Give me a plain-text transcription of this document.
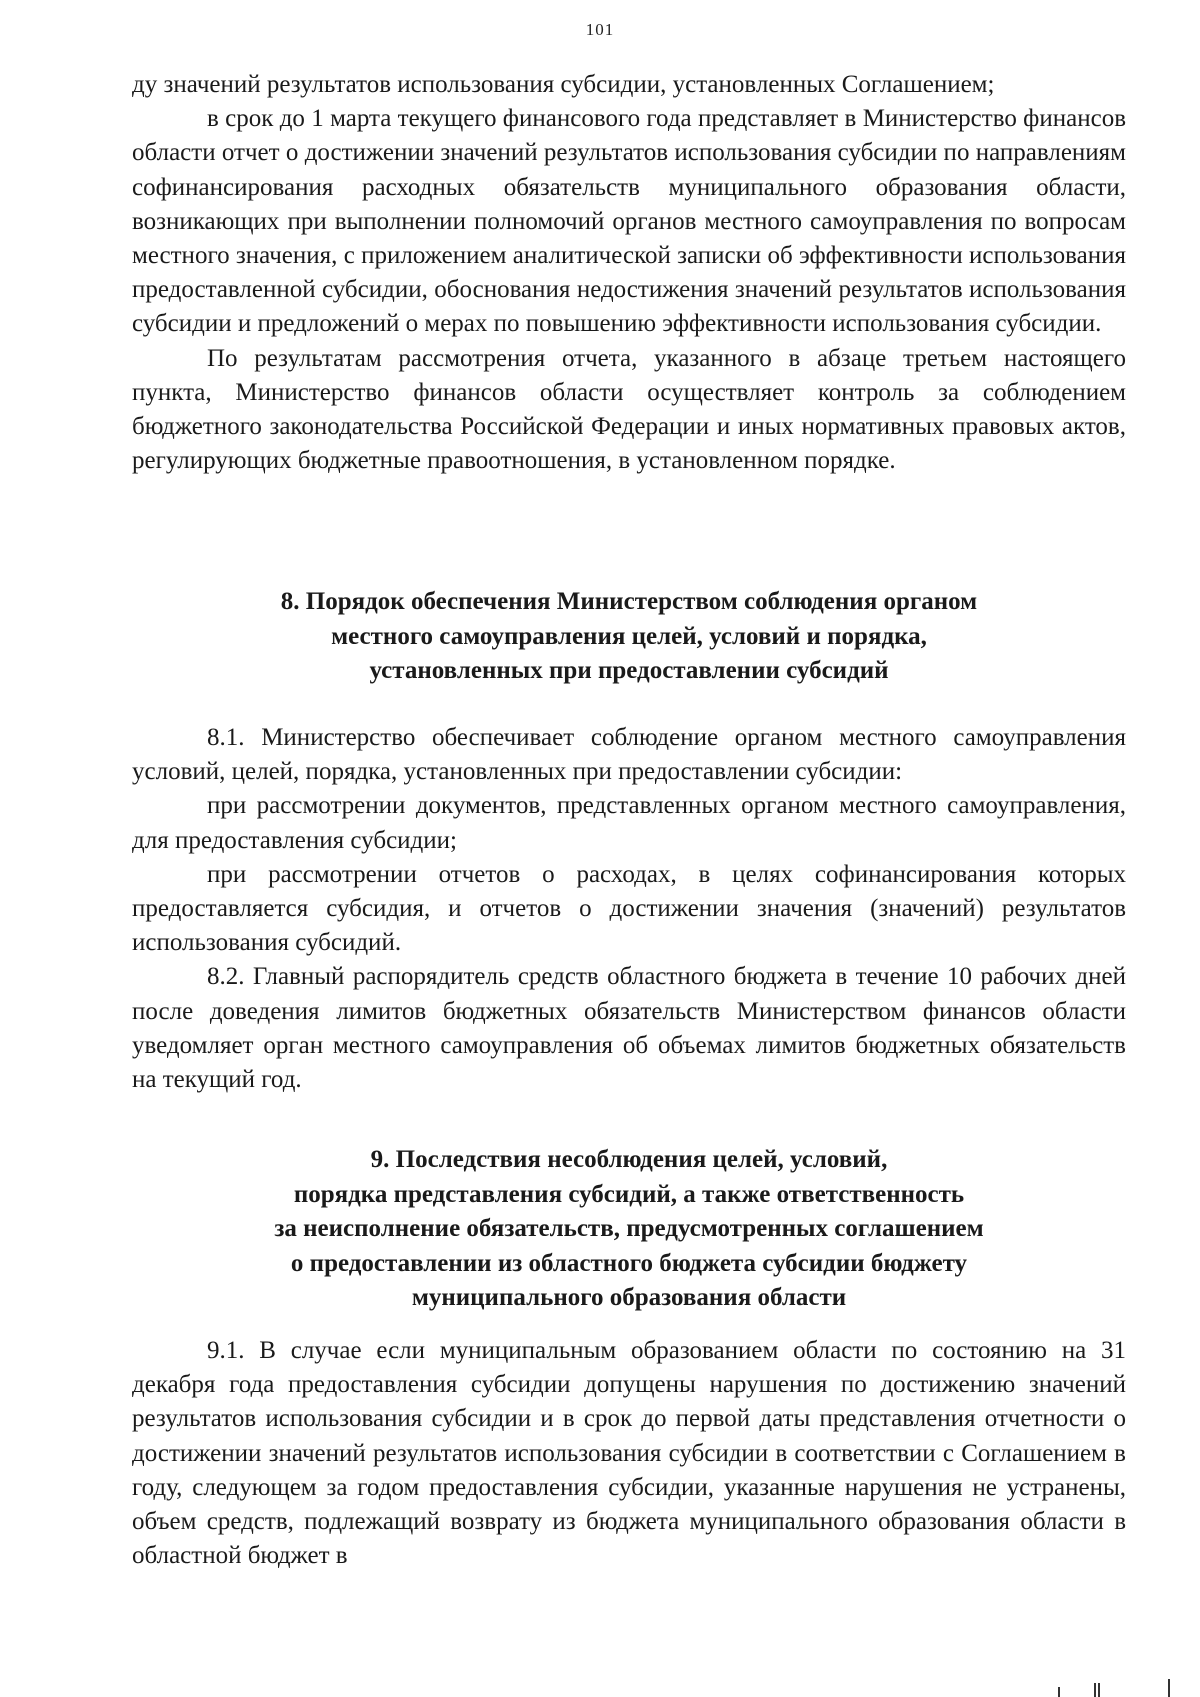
101

ду значений результатов использования субсидии, установленных Соглашением;

в срок до 1 марта текущего финансового года представляет в Министерство финансов области отчет о достижении значений результатов использования субсидии по направлениям софинансирования расходных обязательств муниципального образования области, возникающих при выполнении полномочий органов местного самоуправления по вопросам местного значения, с приложением аналитической записки об эффективности использования предоставленной субсидии, обоснования недостижения значений результатов использования субсидии и предложений о мерах по повышению эффективности использования субсидии.

По результатам рассмотрения отчета, указанного в абзаце третьем настоящего пункта, Министерство финансов области осуществляет контроль за соблюдением бюджетного законодательства Российской Федерации и иных нормативных правовых актов, регулирующих бюджетные правоотношения, в установленном порядке.

8. Порядок обеспечения Министерством соблюдения органом

местного самоуправления целей, условий и порядка,

установленных при предоставлении субсидий

8.1. Министерство обеспечивает соблюдение органом местного самоуправления условий, целей, порядка, установленных при предоставлении субсидии:

при рассмотрении документов, представленных органом местного самоуправления, для предоставления субсидии;

при рассмотрении отчетов о расходах, в целях софинансирования которых предоставляется субсидия, и отчетов о достижении значения (значений) результатов использования субсидий.

8.2. Главный распорядитель средств областного бюджета в течение 10 рабочих дней после доведения лимитов бюджетных обязательств Министерством финансов области уведомляет орган местного самоуправления об объемах лимитов бюджетных обязательств на текущий год.

9. Последствия несоблюдения целей, условий,

порядка представления субсидий, а также ответственность

за неисполнение обязательств, предусмотренных соглашением

о предоставлении из областного бюджета субсидии бюджету

муниципального образования области

9.1. В случае если муниципальным образованием области по состоянию на 31 декабря года предоставления субсидии допущены нарушения по достижению значений результатов использования субсидии и в срок до первой даты представления отчетности о достижении значений результатов использования субсидии в соответствии с Соглашением в году, следующем за годом предоставления субсидии, указанные нарушения не устранены, объем средств, подлежащий возврату из бюджета муниципального образования области в областной бюджет в
